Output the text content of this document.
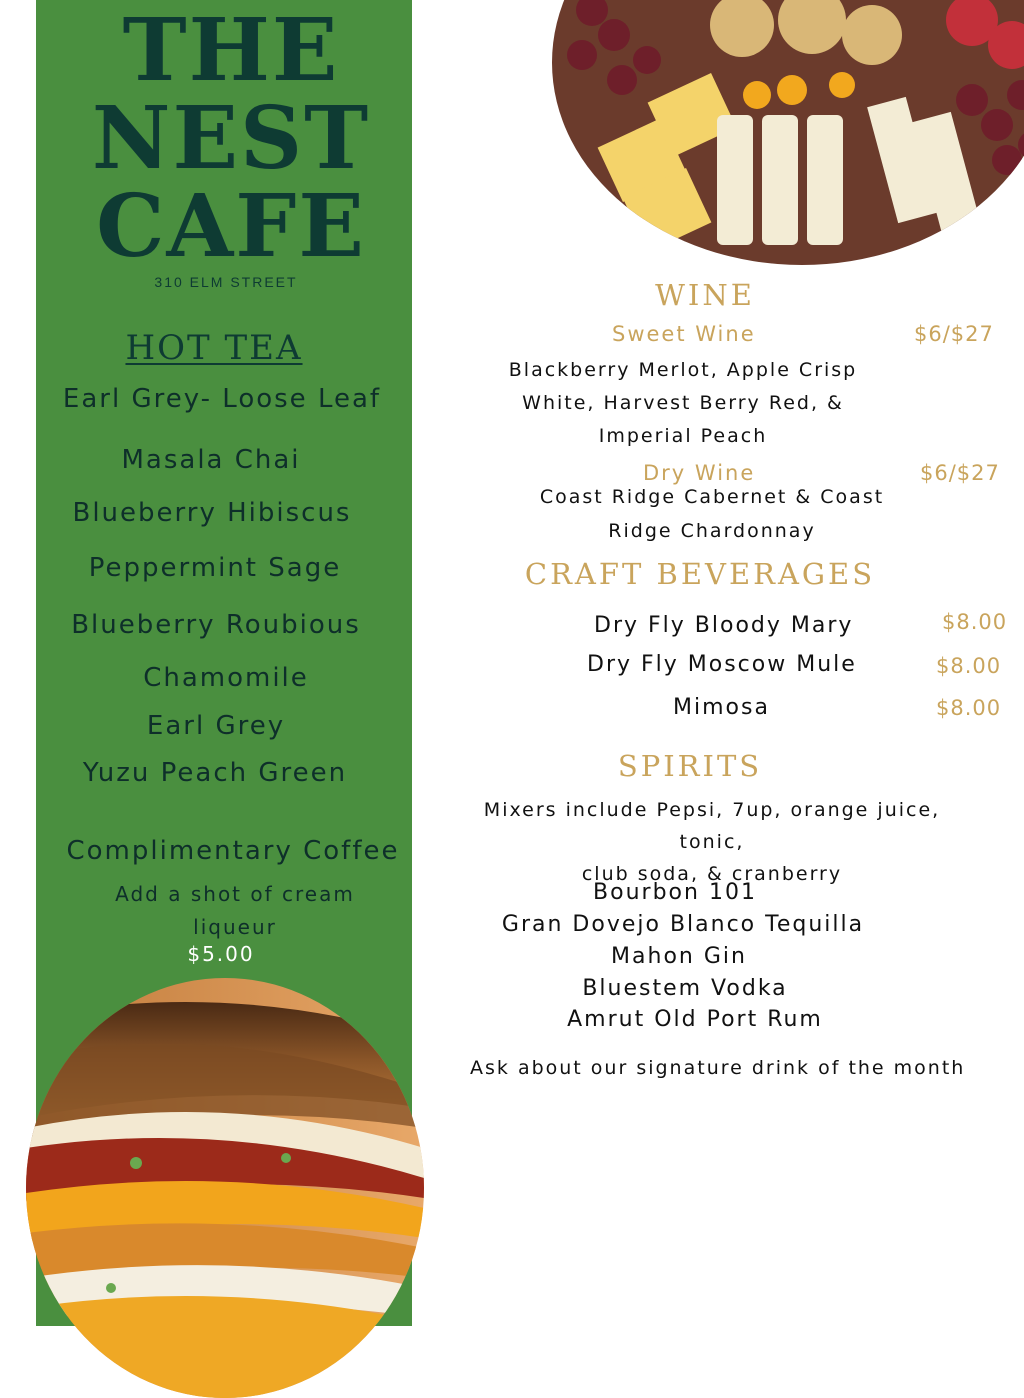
THE
NEST
CAFE
310 ELM STREET
HOT TEA
Earl Grey- Loose Leaf
Masala Chai
Blueberry Hibiscus
Peppermint Sage
Blueberry Roubious
Chamomile
Earl Grey
Yuzu Peach Green
Complimentary Coffee
Add a shot of cream liqueur
$5.00
WINE
Sweet Wine	$6/$27
Blackberry Merlot, Apple Crisp
White, Harvest Berry Red, &
Imperial Peach
Dry Wine	$6/$27
Coast Ridge Cabernet & Coast
Ridge Chardonnay
CRAFT BEVERAGES
Dry Fly Bloody Mary	$8.00
Dry Fly Moscow Mule	$8.00
Mimosa	$8.00
SPIRITS
Mixers include Pepsi, 7up, orange juice, tonic,
club soda, & cranberry
Bourbon 101
Gran Dovejo Blanco Tequilla
Mahon Gin
Bluestem Vodka
Amrut Old Port Rum
Ask about our signature drink of the month
